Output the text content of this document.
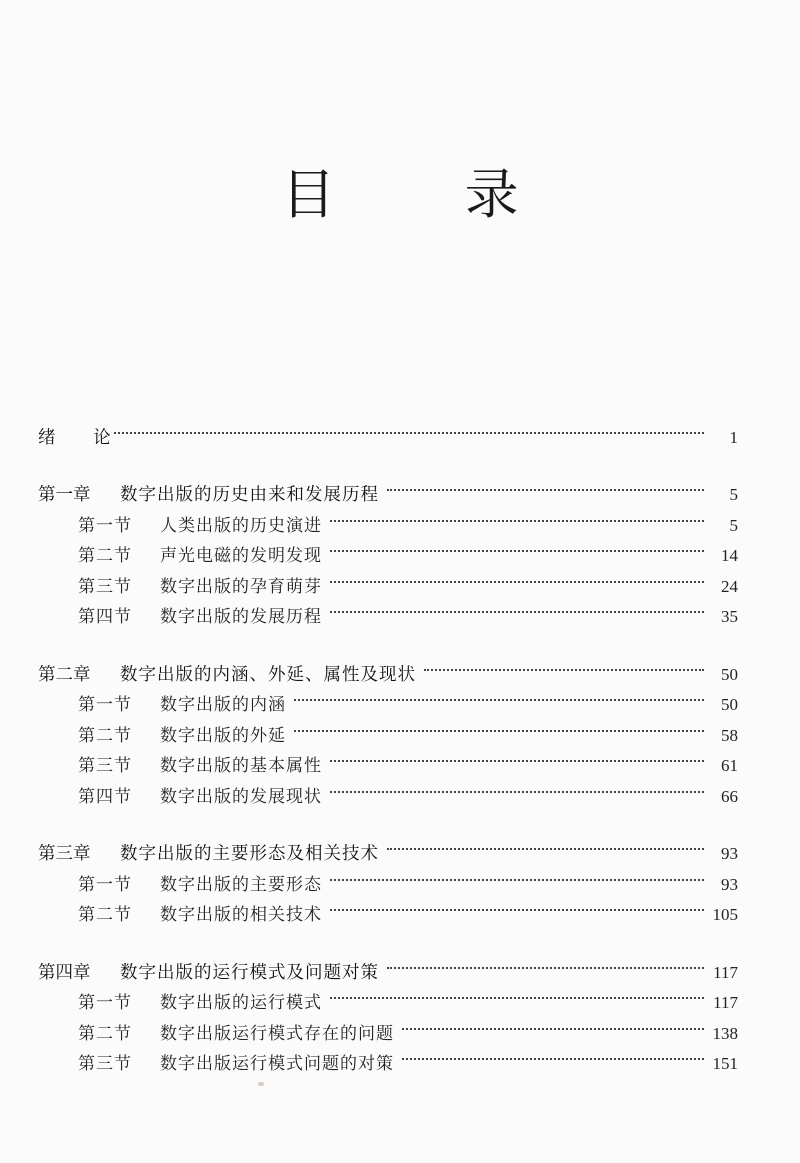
目 录
绪 论	1
第一章	数字出版的历史由来和发展历程	5
第一节	人类出版的历史演进	5
第二节	声光电磁的发明发现	14
第三节	数字出版的孕育萌芽	24
第四节	数字出版的发展历程	35
第二章	数字出版的内涵、外延、属性及现状	50
第一节	数字出版的内涵	50
第二节	数字出版的外延	58
第三节	数字出版的基本属性	61
第四节	数字出版的发展现状	66
第三章	数字出版的主要形态及相关技术	93
第一节	数字出版的主要形态	93
第二节	数字出版的相关技术	105
第四章	数字出版的运行模式及问题对策	117
第一节	数字出版的运行模式	117
第二节	数字出版运行模式存在的问题	138
第三节	数字出版运行模式问题的对策	151
